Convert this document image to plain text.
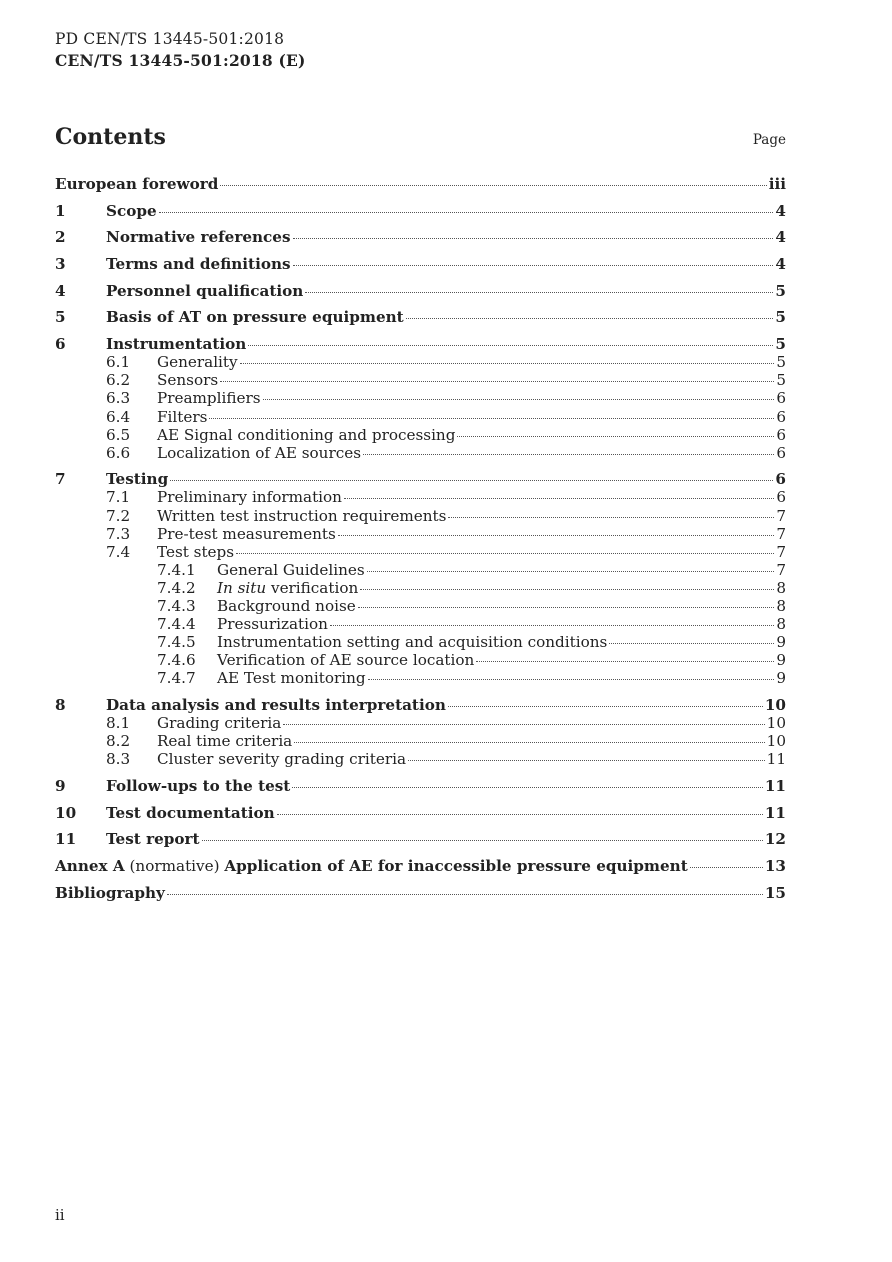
PD CEN/TS 13445-501:2018
CEN/TS 13445-501:2018 (E)
Contents	Page
European foreword	iii
1	Scope	4
2	Normative references	4
3	Terms and definitions	4
4	Personnel qualification	5
5	Basis of AT on pressure equipment	5
6	Instrumentation	5
6.1	Generality	5
6.2	Sensors	5
6.3	Preamplifiers	6
6.4	Filters	6
6.5	AE Signal conditioning and processing	6
6.6	Localization of AE sources	6
7	Testing	6
7.1	Preliminary information	6
7.2	Written test instruction requirements	7
7.3	Pre-test measurements	7
7.4	Test steps	7
7.4.1	General Guidelines	7
7.4.2	In situ verification	8
7.4.3	Background noise	8
7.4.4	Pressurization	8
7.4.5	Instrumentation setting and acquisition conditions	9
7.4.6	Verification of AE source location	9
7.4.7	AE Test monitoring	9
8	Data analysis and results interpretation	10
8.1	Grading criteria	10
8.2	Real time criteria	10
8.3	Cluster severity grading criteria	11
9	Follow-ups to the test	11
10	Test documentation	11
11	Test report	12
Annex A (normative) Application of AE for inaccessible pressure equipment	13
Bibliography	15
ii
